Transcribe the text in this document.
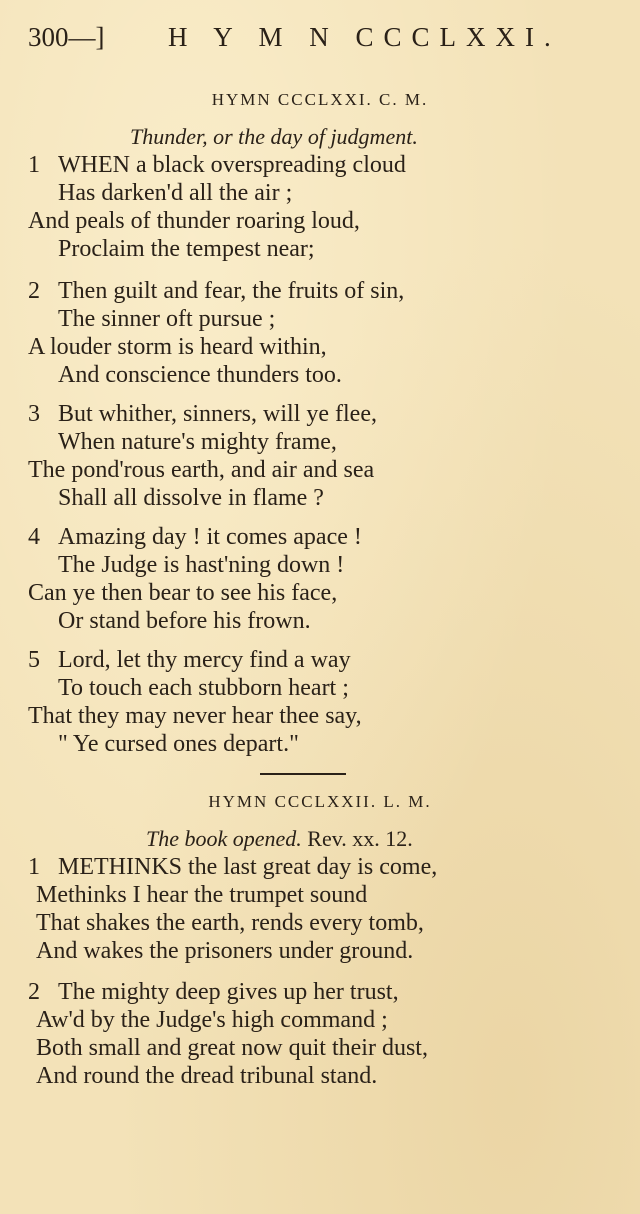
300—] H Y M N CCCLXXI.
HYMN CCCLXXI. C. M.
Thunder, or the day of judgment.
1 WHEN a black overspreading cloud
Has darken'd all the air ;
And peals of thunder roaring loud,
Proclaim the tempest near;
2 Then guilt and fear, the fruits of sin,
The sinner oft pursue ;
A louder storm is heard within,
And conscience thunders too.
3 But whither, sinners, will ye flee,
When nature's mighty frame,
The pond'rous earth, and air and sea
Shall all dissolve in flame ?
4 Amazing day ! it comes apace !
The Judge is hast'ning down !
Can ye then bear to see his face,
Or stand before his frown.
5 Lord, let thy mercy find a way
To touch each stubborn heart ;
That they may never hear thee say,
" Ye cursed ones depart."
HYMN CCCLXXII. L. M.
The book opened. Rev. xx. 12.
1 METHINKS the last great day is come,
Methinks I hear the trumpet sound
That shakes the earth, rends every tomb,
And wakes the prisoners under ground.
2 The mighty deep gives up her trust,
Aw'd by the Judge's high command ;
Both small and great now quit their dust,
And round the dread tribunal stand.
